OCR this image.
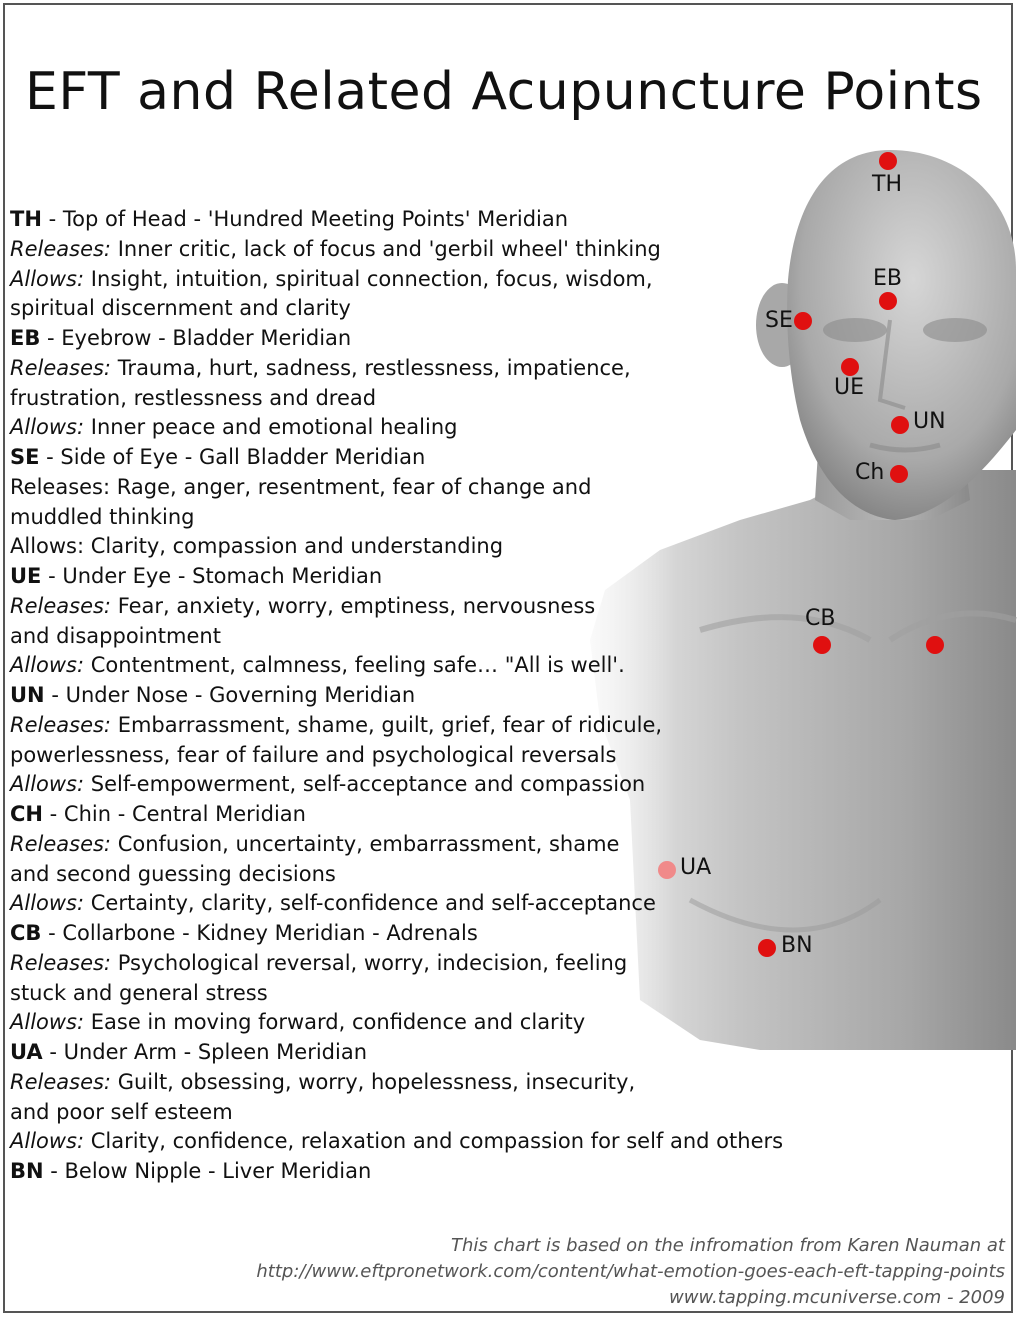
EFT and Related Acupuncture Points
TH
EB
SE
UE
UN
Ch
CB
UA
BN
TH - Top of Head - 'Hundred Meeting Points' Meridian
Releases: Inner critic, lack of focus and 'gerbil wheel' thinking
Allows: Insight, intuition, spiritual connection, focus, wisdom,
spiritual discernment and clarity
EB - Eyebrow - Bladder Meridian
Releases: Trauma, hurt, sadness, restlessness, impatience,
frustration, restlessness and dread
Allows: Inner peace and emotional healing
SE - Side of Eye - Gall Bladder Meridian
Releases: Rage, anger, resentment, fear of change and
muddled thinking
Allows: Clarity, compassion and understanding
UE - Under Eye - Stomach Meridian
Releases: Fear, anxiety, worry, emptiness, nervousness
and disappointment
Allows: Contentment, calmness, feeling safe… "All is well'.
UN - Under Nose - Governing Meridian
Releases: Embarrassment, shame, guilt, grief, fear of ridicule,
powerlessness, fear of failure and psychological reversals
Allows: Self-empowerment, self-acceptance and compassion
CH - Chin - Central Meridian
Releases: Confusion, uncertainty, embarrassment, shame
and second guessing decisions
Allows: Certainty, clarity, self-confidence and self-acceptance
CB - Collarbone - Kidney Meridian - Adrenals
Releases: Psychological reversal, worry, indecision, feeling
stuck and general stress
Allows: Ease in moving forward, confidence and clarity
UA - Under Arm - Spleen Meridian
Releases: Guilt, obsessing, worry, hopelessness, insecurity,
and poor self esteem
Allows: Clarity, confidence, relaxation and compassion for self and others
BN - Below Nipple - Liver Meridian
This chart is based on the infromation from Karen Nauman at
http://www.eftpronetwork.com/content/what-emotion-goes-each-eft-tapping-points
www.tapping.mcuniverse.com - 2009
